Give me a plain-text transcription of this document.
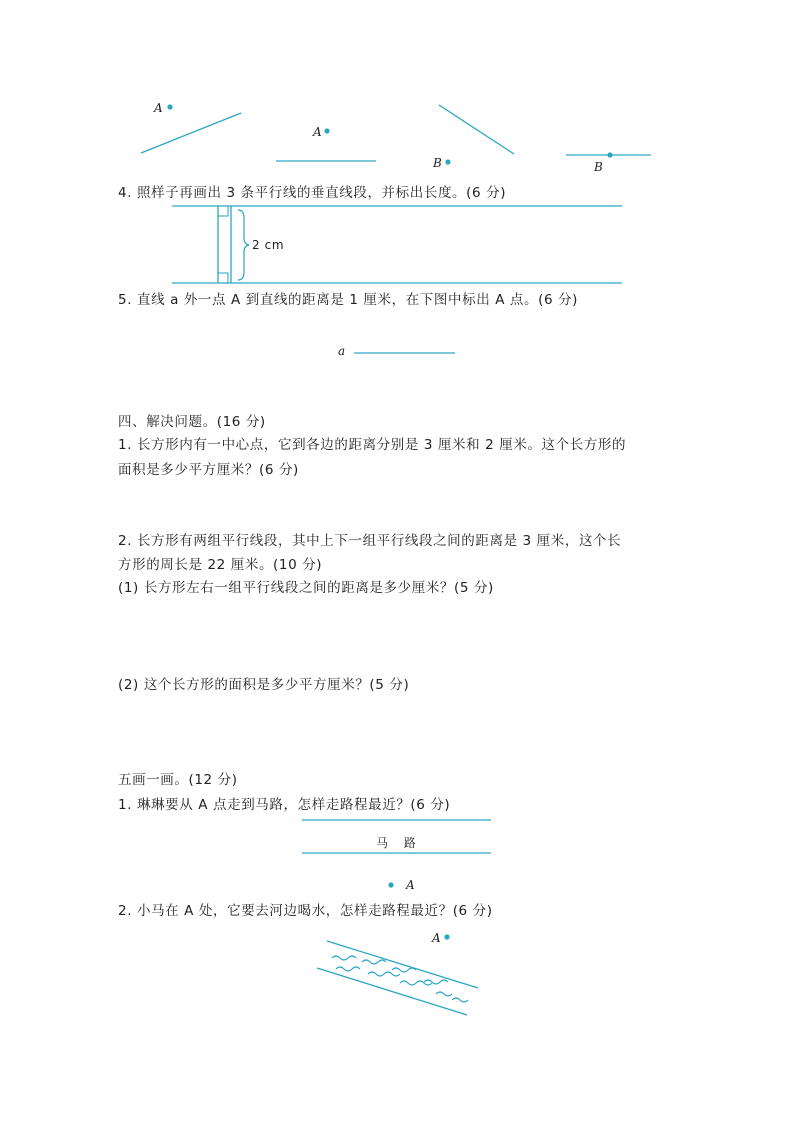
A
A
B	B
4. 照样子再画出 3 条平行线的垂直线段，并标出长度。(6 分)
2 cm
5. 直线 a 外一点 A 到直线的距离是 1 厘米，在下图中标出 A 点。(6 分)
a
四、解决问题。(16 分)
1. 长方形内有一中心点，它到各边的距离分别是 3 厘米和 2 厘米。这个长方形的
面积是多少平方厘米？(6 分)
2. 长方形有两组平行线段，其中上下一组平行线段之间的距离是 3 厘米，这个长
方形的周长是 22 厘米。(10 分)
(1) 长方形左右一组平行线段之间的距离是多少厘米？(5 分)
(2) 这个长方形的面积是多少平方厘米？(5 分)
五画一画。(12 分)
1. 琳琳要从 A 点走到马路，怎样走路程最近？(6 分)
马 路
A
2. 小马在 A 处，它要去河边喝水，怎样走路程最近？(6 分)
A
